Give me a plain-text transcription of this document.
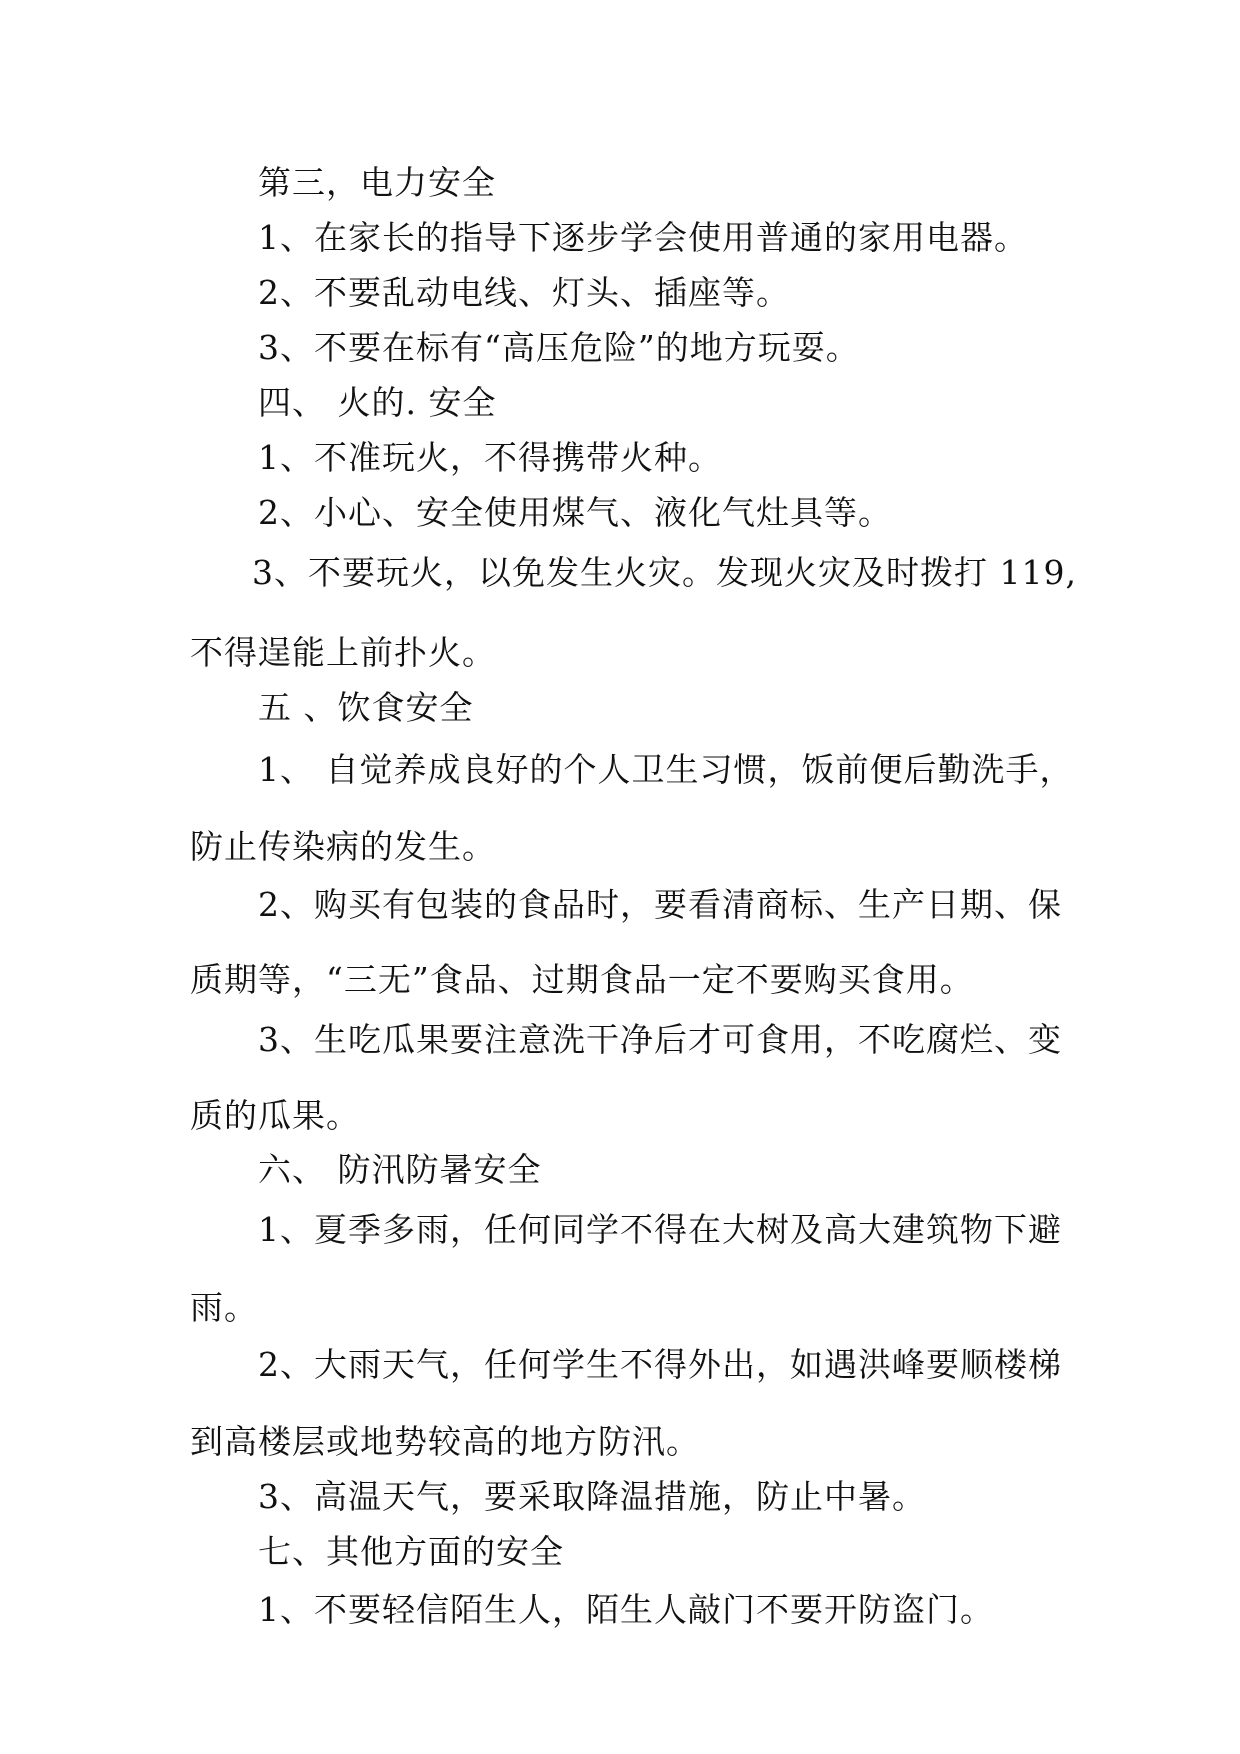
第三，电力安全
1、在家长的指导下逐步学会使用普通的家用电器。
2、不要乱动电线、灯头、插座等。
3、不要在标有“高压危险”的地方玩耍。
四、 火的. 安全
1、不准玩火，不得携带火种。
2、小心、安全使用煤气、液化气灶具等。
3、不要玩火，以免发生火灾。发现火灾及时拨打 119,
不得逞能上前扑火。
五 、饮食安全
1、 自觉养成良好的个人卫生习惯，饭前便后勤洗手，
防止传染病的发生。
2、购买有包装的食品时，要看清商标、生产日期、保
质期等，“三无”食品、过期食品一定不要购买食用。
3、生吃瓜果要注意洗干净后才可食用，不吃腐烂、变
质的瓜果。
六、 防汛防暑安全
1、夏季多雨，任何同学不得在大树及高大建筑物下避
雨。
2、大雨天气，任何学生不得外出，如遇洪峰要顺楼梯
到高楼层或地势较高的地方防汛。
3、高温天气，要采取降温措施，防止中暑。
七、其他方面的安全
1、不要轻信陌生人，陌生人敲门不要开防盗门。
